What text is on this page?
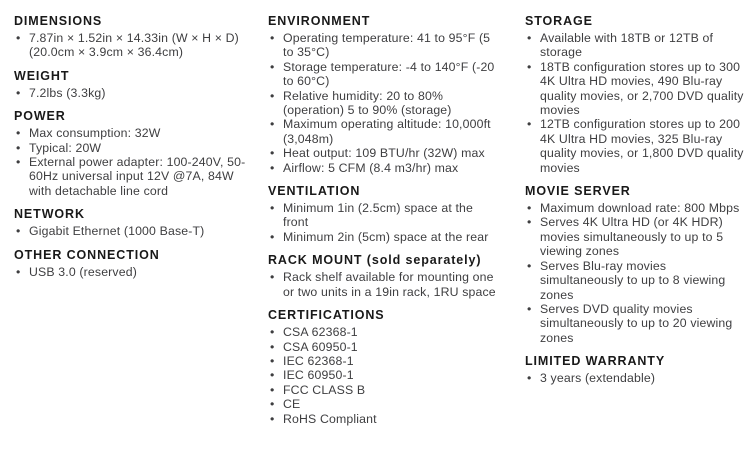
DIMENSIONS
• 7.87in × 1.52in × 14.33in (W × H × D) (20.0cm × 3.9cm × 36.4cm)
WEIGHT
• 7.2lbs (3.3kg)
POWER
• Max consumption: 32W
• Typical: 20W
• External power adapter: 100-240V, 50-60Hz universal input 12V @7A, 84W with detachable line cord
NETWORK
• Gigabit Ethernet (1000 Base-T)
OTHER CONNECTION
• USB 3.0 (reserved)
ENVIRONMENT
• Operating temperature: 41 to 95°F (5 to 35°C)
• Storage temperature: -4 to 140°F (-20 to 60°C)
• Relative humidity: 20 to 80% (operation) 5 to 90% (storage)
• Maximum operating altitude: 10,000ft (3,048m)
• Heat output: 109 BTU/hr (32W) max
• Airflow: 5 CFM (8.4 m3/hr) max
VENTILATION
• Minimum 1in (2.5cm) space at the front
• Minimum 2in (5cm) space at the rear
RACK MOUNT (sold separately)
• Rack shelf available for mounting one or two units in a 19in rack, 1RU space
CERTIFICATIONS
• CSA 62368-1
• CSA 60950-1
• IEC 62368-1
• IEC 60950-1
• FCC CLASS B
• CE
• RoHS Compliant
STORAGE
• Available with 18TB or 12TB of storage
• 18TB configuration stores up to 300 4K Ultra HD movies, 490 Blu-ray quality movies, or 2,700 DVD quality movies
• 12TB configuration stores up to 200 4K Ultra HD movies, 325 Blu-ray quality movies, or 1,800 DVD quality movies
MOVIE SERVER
• Maximum download rate: 800 Mbps
• Serves 4K Ultra HD (or 4K HDR) movies simultaneously to up to 5 viewing zones
• Serves Blu-ray movies simultaneously to up to 8 viewing zones
• Serves DVD quality movies simultaneously to up to 20 viewing zones
LIMITED WARRANTY
• 3 years (extendable)
